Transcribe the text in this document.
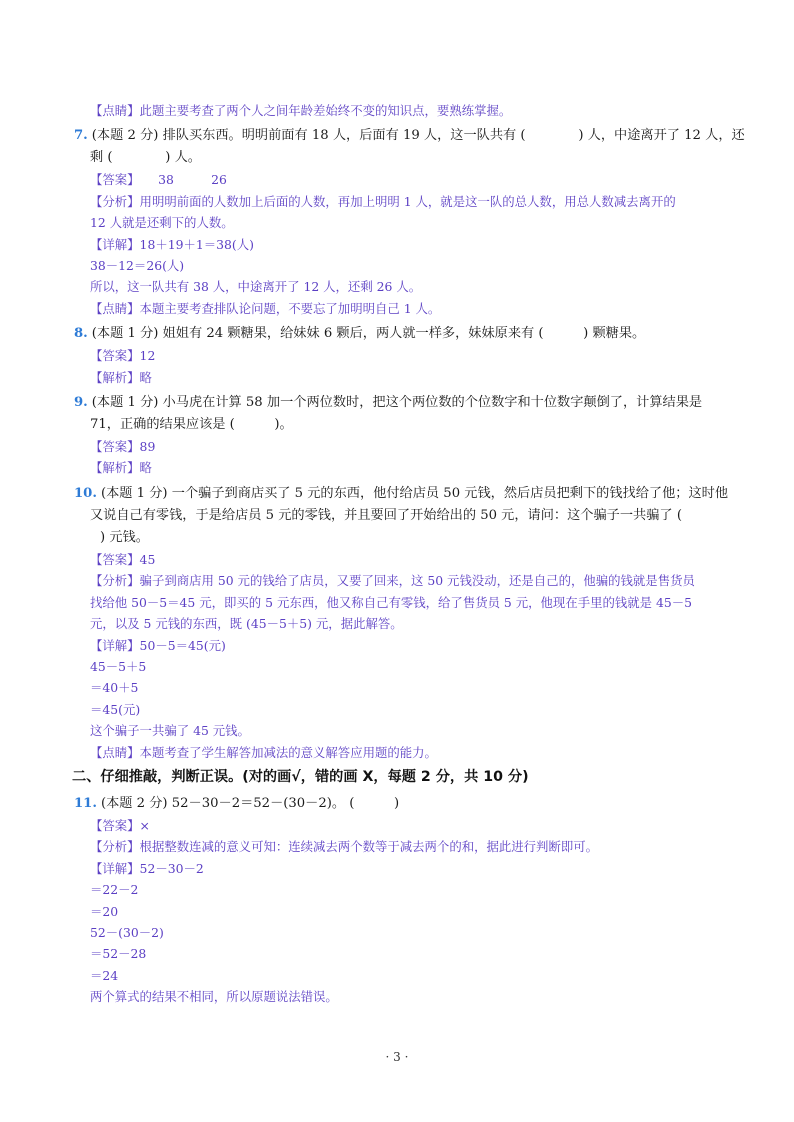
【点睛】此题主要考查了两个人之间年龄差始终不变的知识点，要熟练掌握。
7. (本题 2 分) 排队买东西。明明前面有 18 人，后面有 19 人，这一队共有 (　　　　) 人，中途离开了 12 人，还
剩 (　　　　) 人。
【答案】　　38　　　26
【分析】用明明前面的人数加上后面的人数，再加上明明 1 人，就是这一队的总人数，用总人数减去离开的
12 人就是还剩下的人数。
【详解】18＋19＋1＝38(人)
38－12＝26(人)
所以，这一队共有 38 人，中途离开了 12 人，还剩 26 人。
【点睛】本题主要考查排队论问题，不要忘了加明明自己 1 人。
8. (本题 1 分) 姐姐有 24 颗糖果，给妹妹 6 颗后，两人就一样多，妹妹原来有 (　　　) 颗糖果。
【答案】12
【解析】略
9. (本题 1 分) 小马虎在计算 58 加一个两位数时，把这个两位数的个位数字和十位数字颠倒了，计算结果是
71，正确的结果应该是 (　　　)。
【答案】89
【解析】略
10. (本题 1 分) 一个骗子到商店买了 5 元的东西，他付给店员 50 元钱，然后店员把剩下的钱找给了他；这时他
又说自己有零钱，于是给店员 5 元的零钱，并且要回了开始给出的 50 元，请问：这个骗子一共骗了 (
) 元钱。
【答案】45
【分析】骗子到商店用 50 元的钱给了店员，又要了回来，这 50 元钱没动，还是自己的，他骗的钱就是售货员
找给他 50－5＝45 元，即买的 5 元东西，他又称自己有零钱，给了售货员 5 元，他现在手里的钱就是 45－5
元，以及 5 元钱的东西，既 (45－5＋5) 元，据此解答。
【详解】50－5＝45(元)
45－5＋5
＝40＋5
＝45(元)
这个骗子一共骗了 45 元钱。
【点睛】本题考查了学生解答加减法的意义解答应用题的能力。
二、仔细推敲，判断正误。(对的画√，错的画 X，每题 2 分，共 10 分)
11. (本题 2 分) 52－30－2＝52－(30－2)。 (　　　)
【答案】×
【分析】根据整数连减的意义可知：连续减去两个数等于减去两个的和，据此进行判断即可。
【详解】52－30－2
＝22－2
＝20
52－(30－2)
＝52－28
＝24
两个算式的结果不相同，所以原题说法错误。
· 3 ·
